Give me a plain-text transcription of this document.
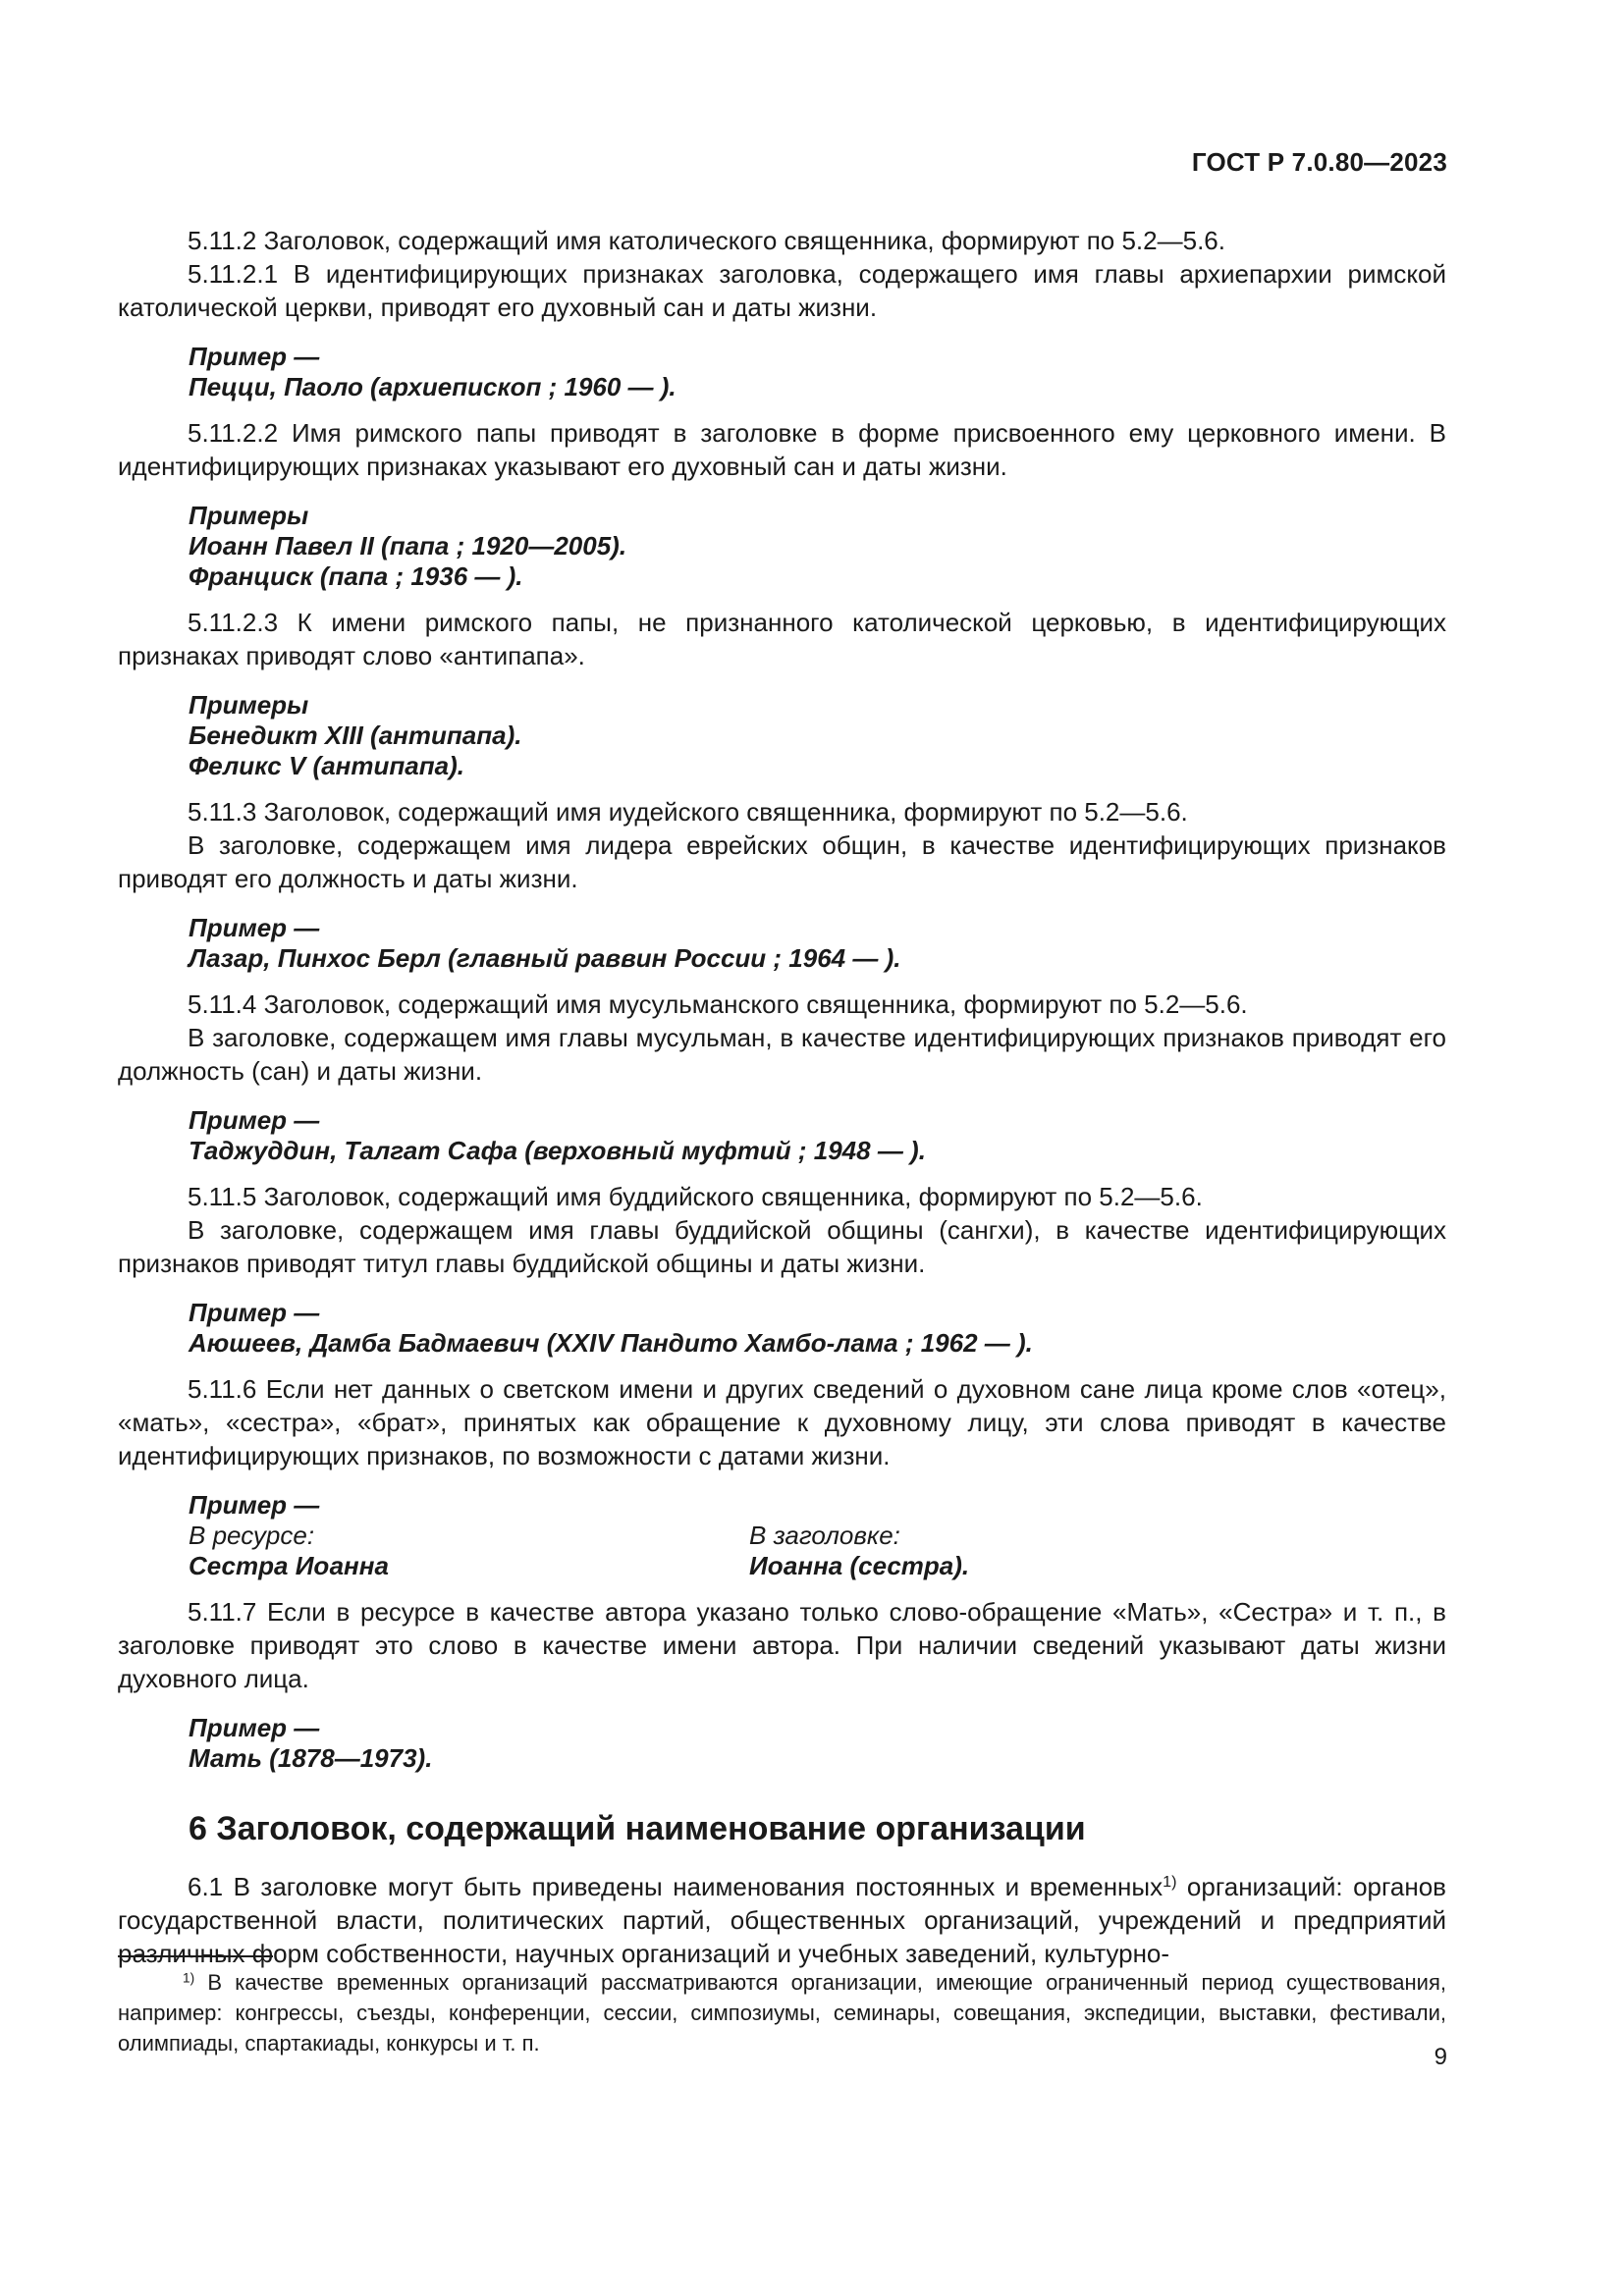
ГОСТ Р 7.0.80—2023

5.11.2 Заголовок, содержащий имя католического священника, формируют по 5.2—5.6.

5.11.2.1 В идентифицирующих признаках заголовка, содержащего имя главы архиепархии римской католической церкви, приводят его духовный сан и даты жизни.

Пример —
Пецци, Паоло (архиепископ ; 1960 — ).

5.11.2.2 Имя римского папы приводят в заголовке в форме присвоенного ему церковного имени. В идентифицирующих признаках указывают его духовный сан и даты жизни.

Примеры
Иоанн Павел II (папа ; 1920—2005).
Франциск (папа ; 1936 — ).

5.11.2.3 К имени римского папы, не признанного католической церковью, в идентифицирующих признаках приводят слово «антипапа».

Примеры
Бенедикт XIII (антипапа).
Феликс V (антипапа).

5.11.3 Заголовок, содержащий имя иудейского священника, формируют по 5.2—5.6.

В заголовке, содержащем имя лидера еврейских общин, в качестве идентифицирующих признаков приводят его должность и даты жизни.

Пример —
Лазар, Пинхос Берл (главный раввин России ; 1964 — ).

5.11.4 Заголовок, содержащий имя мусульманского священника, формируют по 5.2—5.6.

В заголовке, содержащем имя главы мусульман, в качестве идентифицирующих признаков приводят его должность (сан) и даты жизни.

Пример —
Таджуддин, Талгат Сафа (верховный муфтий ; 1948 — ).

5.11.5 Заголовок, содержащий имя буддийского священника, формируют по 5.2—5.6.

В заголовке, содержащем имя главы буддийской общины (сангхи), в качестве идентифицирующих признаков приводят титул главы буддийской общины и даты жизни.

Пример —
Аюшеев, Дамба Бадмаевич (XXIV Пандито Хамбо-лама ; 1962 — ).

5.11.6 Если нет данных о светском имени и других сведений о духовном сане лица кроме слов «отец», «мать», «сестра», «брат», принятых как обращение к духовному лицу, эти слова приводят в качестве идентифицирующих признаков, по возможности с датами жизни.

Пример —
В ресурсе:
Сестра Иоанна

В заголовке:
Иоанна (сестра).

5.11.7 Если в ресурсе в качестве автора указано только слово-обращение «Мать», «Сестра» и т. п., в заголовке приводят это слово в качестве имени автора. При наличии сведений указывают даты жизни духовного лица.

Пример —
Мать (1878—1973).
6 Заголовок, содержащий наименование организации

6.1 В заголовке могут быть приведены наименования постоянных и временных$^{1)}$ организаций: органов государственной власти, политических партий, общественных организаций, учреждений и предприятий различных форм собственности, научных организаций и учебных заведений, культурно-

$^{1)}$ В качестве временных организаций рассматриваются организации, имеющие ограниченный период существования, например: конгрессы, съезды, конференции, сессии, симпозиумы, семинары, совещания, экспедиции, выставки, фестивали, олимпиады, спартакиады, конкурсы и т. п.
9
